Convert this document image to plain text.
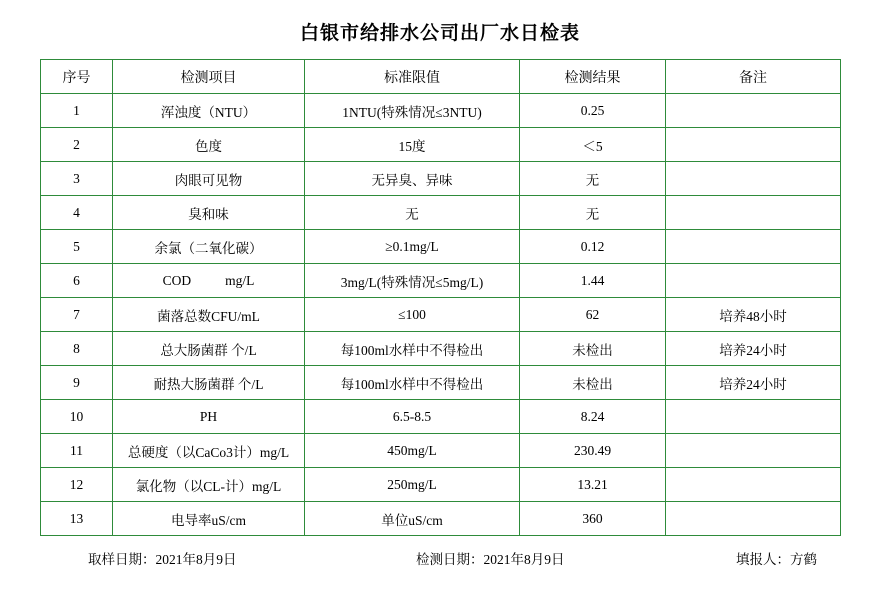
白银市给排水公司出厂水日检表
序号	检测项目	标准限值	检测结果	备注
1	浑浊度（NTU）	1NTU(特殊情况≤3NTU)	0.25	
2	色度	15度	＜5	
3	肉眼可见物	无异臭、异味	无	
4	臭和味	无	无	
5	余氯（二氧化碳）	≥0.1mg/L	0.12	
6	COD mg/L	3mg/L(特殊情况≤5mg/L)	1.44	
7	菌落总数CFU/mL	≤100	62	培养48小时
8	总大肠菌群 个/L	每100ml水样中不得检出	未检出	培养24小时
9	耐热大肠菌群 个/L	每100ml水样中不得检出	未检出	培养24小时
10	PH	6.5-8.5	8.24	
11	总硬度（以CaCo3计）mg/L	450mg/L	230.49	
12	氯化物（以CL-计）mg/L	250mg/L	13.21	
13	电导率uS/cm	单位uS/cm	360	
取样日期：2021年8月9日	检测日期：2021年8月9日	填报人：方鹤
